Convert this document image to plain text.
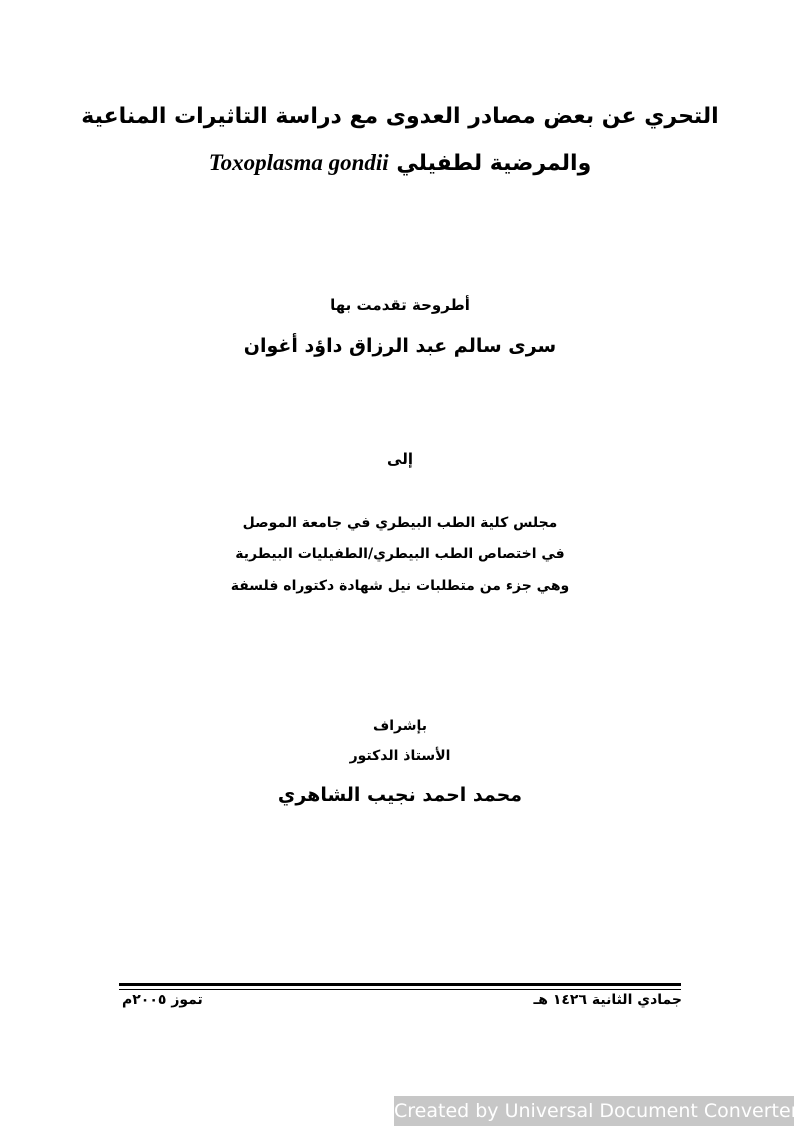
التحري عن بعض مصادر العدوى مع دراسة التاثيرات المناعية
والمرضية لطفيلي Toxoplasma gondii
أطروحة تقدمت بها
سرى سالم عبد الرزاق داؤد أغوان
إلى
مجلس كلية الطب البيطري في جامعة الموصل
في اختصاص الطب البيطري/الطفيليات البيطرية
وهي جزء من متطلبات نيل شهادة دكتوراه فلسفة
بإشراف
الأستاذ الدكتور
محمد احمد نجيب الشاهري
جمادي الثانية ١٤٢٦ هـ
تموز ٢٠٠٥م
Created by Universal Document Converter
